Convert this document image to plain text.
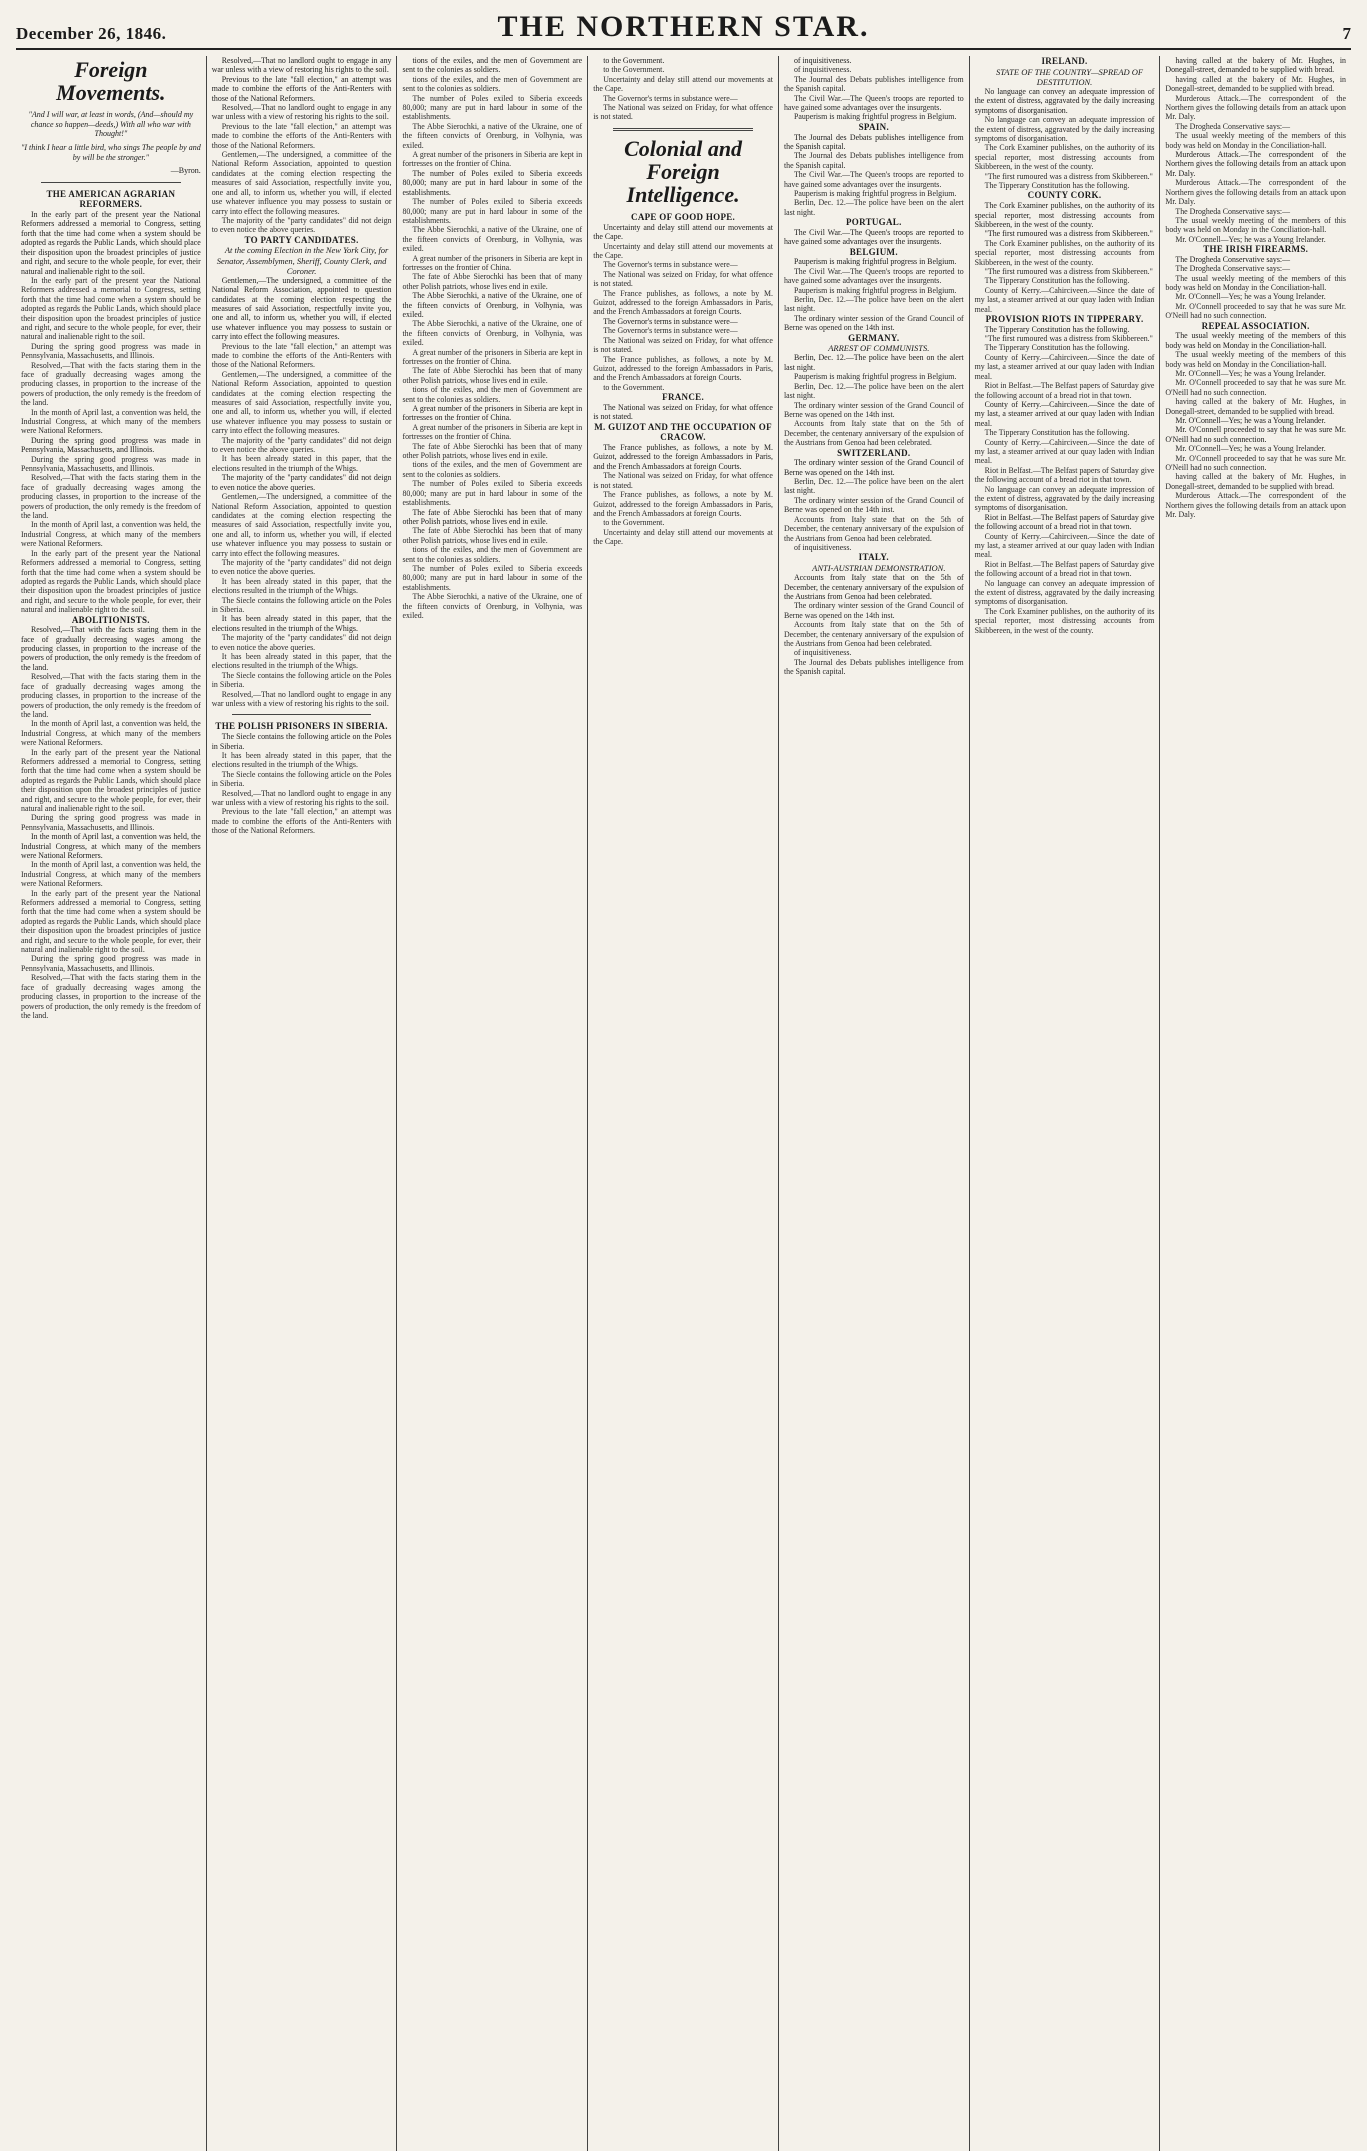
December 26, 1846.	THE NORTHERN STAR.	7
Foreign Movements.
"And I will war, at least in words, (And—should my chance so happen—deeds,) With all who war with Thought!"
"I think I hear a little bird, who sings The people by and by will be the stronger."
—Byron.

THE AMERICAN AGRARIAN REFORMERS.

In the early part of the present year the National Reformers addressed a memorial to Congress, setting forth that the time had come when a system should be adopted as regards the Public Lands, which should place their disposition upon the broadest principles of justice and right, and secure to the whole people, for ever, their natural and inalienable right to the soil.

In the early part of the present year the National Reformers addressed a memorial to Congress, setting forth that the time had come when a system should be adopted as regards the Public Lands, which should place their disposition upon the broadest principles of justice and right, and secure to the whole people, for ever, their natural and inalienable right to the soil.
During the spring good progress was made in Pennsylvania, Massachusetts, and Illinois.
Resolved,—That with the facts staring them in the face of gradually decreasing wages among the producing classes, in proportion to the increase of the powers of production, the only remedy is the freedom of the land.
In the month of April last, a convention was held, the Industrial Congress, at which many of the members were National Reformers.

During the spring good progress was made in Pennsylvania, Massachusetts, and Illinois.

During the spring good progress was made in Pennsylvania, Massachusetts, and Illinois.
Resolved,—That with the facts staring them in the face of gradually decreasing wages among the producing classes, in proportion to the increase of the powers of production, the only remedy is the freedom of the land.
In the month of April last, a convention was held, the Industrial Congress, at which many of the members were National Reformers.
In the early part of the present year the National Reformers addressed a memorial to Congress, setting forth that the time had come when a system should be adopted as regards the Public Lands, which should place their disposition upon the broadest principles of justice and right, and secure to the whole people, for ever, their natural and inalienable right to the soil.

ABOLITIONISTS.

Resolved,—That with the facts staring them in the face of gradually decreasing wages among the producing classes, in proportion to the increase of the powers of production, the only remedy is the freedom of the land.

Resolved,—That with the facts staring them in the face of gradually decreasing wages among the producing classes, in proportion to the increase of the powers of production, the only remedy is the freedom of the land.
In the month of April last, a convention was held, the Industrial Congress, at which many of the members were National Reformers.
In the early part of the present year the National Reformers addressed a memorial to Congress, setting forth that the time had come when a system should be adopted as regards the Public Lands, which should place their disposition upon the broadest principles of justice and right, and secure to the whole people, for ever, their natural and inalienable right to the soil.
During the spring good progress was made in Pennsylvania, Massachusetts, and Illinois.

In the month of April last, a convention was held, the Industrial Congress, at which many of the members were National Reformers.

In the month of April last, a convention was held, the Industrial Congress, at which many of the members were National Reformers.
In the early part of the present year the National Reformers addressed a memorial to Congress, setting forth that the time had come when a system should be adopted as regards the Public Lands, which should place their disposition upon the broadest principles of justice and right, and secure to the whole people, for ever, their natural and inalienable right to the soil.
During the spring good progress was made in Pennsylvania, Massachusetts, and Illinois.
Resolved,—That with the facts staring them in the face of gradually decreasing wages among the producing classes, in proportion to the increase of the powers of production, the only remedy is the freedom of the land.

Resolved,—That no landlord ought to engage in any war unless with a view of restoring his rights to the soil.

Previous to the late "fall election," an attempt was made to combine the efforts of the Anti-Renters with those of the National Reformers.

Resolved,—That no landlord ought to engage in any war unless with a view of restoring his rights to the soil.
Previous to the late "fall election," an attempt was made to combine the efforts of the Anti-Renters with those of the National Reformers.
Gentlemen,—The undersigned, a committee of the National Reform Association, appointed to question candidates at the coming election respecting the measures of said Association, respectfully invite you, one and all, to inform us, whether you will, if elected use whatever influence you may possess to sustain or carry into effect the following measures.
The majority of the "party candidates" did not deign to even notice the above queries.

TO PARTY CANDIDATES.

At the coming Election in the New York City, for Senator, Assemblymen, Sheriff, County Clerk, and Coroner.

Gentlemen,—The undersigned, a committee of the National Reform Association, appointed to question candidates at the coming election respecting the measures of said Association, respectfully invite you, one and all, to inform us, whether you will, if elected use whatever influence you may possess to sustain or carry into effect the following measures.

Previous to the late "fall election," an attempt was made to combine the efforts of the Anti-Renters with those of the National Reformers.
Gentlemen,—The undersigned, a committee of the National Reform Association, appointed to question candidates at the coming election respecting the measures of said Association, respectfully invite you, one and all, to inform us, whether you will, if elected use whatever influence you may possess to sustain or carry into effect the following measures.
The majority of the "party candidates" did not deign to even notice the above queries.
It has been already stated in this paper, that the elections resulted in the triumph of the Whigs.

The majority of the "party candidates" did not deign to even notice the above queries.

Gentlemen,—The undersigned, a committee of the National Reform Association, appointed to question candidates at the coming election respecting the measures of said Association, respectfully invite you, one and all, to inform us, whether you will, if elected use whatever influence you may possess to sustain or carry into effect the following measures.
The majority of the "party candidates" did not deign to even notice the above queries.
It has been already stated in this paper, that the elections resulted in the triumph of the Whigs.
The Siecle contains the following article on the Poles in Siberia.

It has been already stated in this paper, that the elections resulted in the triumph of the Whigs.

The majority of the "party candidates" did not deign to even notice the above queries.
It has been already stated in this paper, that the elections resulted in the triumph of the Whigs.
The Siecle contains the following article on the Poles in Siberia.
Resolved,—That no landlord ought to engage in any war unless with a view of restoring his rights to the soil.

THE POLISH PRISONERS IN SIBERIA.

The Siecle contains the following article on the Poles in Siberia.

It has been already stated in this paper, that the elections resulted in the triumph of the Whigs.
The Siecle contains the following article on the Poles in Siberia.
Resolved,—That no landlord ought to engage in any war unless with a view of restoring his rights to the soil.
Previous to the late "fall election," an attempt was made to combine the efforts of the Anti-Renters with those of the National Reformers.

tions of the exiles, and the men of Government are sent to the colonies as soldiers.

tions of the exiles, and the men of Government are sent to the colonies as soldiers.
The number of Poles exiled to Siberia exceeds 80,000; many are put in hard labour in some of the establishments.
The Abbe Sierochki, a native of the Ukraine, one of the fifteen convicts of Orenburg, in Volhynia, was exiled.
A great number of the prisoners in Siberia are kept in fortresses on the frontier of China.

The number of Poles exiled to Siberia exceeds 80,000; many are put in hard labour in some of the establishments.

The number of Poles exiled to Siberia exceeds 80,000; many are put in hard labour in some of the establishments.
The Abbe Sierochki, a native of the Ukraine, one of the fifteen convicts of Orenburg, in Volhynia, was exiled.
A great number of the prisoners in Siberia are kept in fortresses on the frontier of China.
The fate of Abbe Sierochki has been that of many other Polish patriots, whose lives end in exile.

The Abbe Sierochki, a native of the Ukraine, one of the fifteen convicts of Orenburg, in Volhynia, was exiled.

The Abbe Sierochki, a native of the Ukraine, one of the fifteen convicts of Orenburg, in Volhynia, was exiled.
A great number of the prisoners in Siberia are kept in fortresses on the frontier of China.
The fate of Abbe Sierochki has been that of many other Polish patriots, whose lives end in exile.
tions of the exiles, and the men of Government are sent to the colonies as soldiers.

A great number of the prisoners in Siberia are kept in fortresses on the frontier of China.

A great number of the prisoners in Siberia are kept in fortresses on the frontier of China.
The fate of Abbe Sierochki has been that of many other Polish patriots, whose lives end in exile.
tions of the exiles, and the men of Government are sent to the colonies as soldiers.
The number of Poles exiled to Siberia exceeds 80,000; many are put in hard labour in some of the establishments.

The fate of Abbe Sierochki has been that of many other Polish patriots, whose lives end in exile.

The fate of Abbe Sierochki has been that of many other Polish patriots, whose lives end in exile.
tions of the exiles, and the men of Government are sent to the colonies as soldiers.
The number of Poles exiled to Siberia exceeds 80,000; many are put in hard labour in some of the establishments.
The Abbe Sierochki, a native of the Ukraine, one of the fifteen convicts of Orenburg, in Volhynia, was exiled.

to the Government.

to the Government.
Uncertainty and delay still attend our movements at the Cape.
The Governor's terms in substance were—
The National was seized on Friday, for what offence is not stated.
Colonial and Foreign Intelligence.

CAPE OF GOOD HOPE.

Uncertainty and delay still attend our movements at the Cape.

Uncertainty and delay still attend our movements at the Cape.
The Governor's terms in substance were—
The National was seized on Friday, for what offence is not stated.
The France publishes, as follows, a note by M. Guizot, addressed to the foreign Ambassadors in Paris, and the French Ambassadors at foreign Courts.

The Governor's terms in substance were—

The Governor's terms in substance were—
The National was seized on Friday, for what offence is not stated.
The France publishes, as follows, a note by M. Guizot, addressed to the foreign Ambassadors in Paris, and the French Ambassadors at foreign Courts.
to the Government.

FRANCE.

The National was seized on Friday, for what offence is not stated.

M. GUIZOT AND THE OCCUPATION OF CRACOW.

The France publishes, as follows, a note by M. Guizot, addressed to the foreign Ambassadors in Paris, and the French Ambassadors at foreign Courts.

The National was seized on Friday, for what offence is not stated.
The France publishes, as follows, a note by M. Guizot, addressed to the foreign Ambassadors in Paris, and the French Ambassadors at foreign Courts.
to the Government.
Uncertainty and delay still attend our movements at the Cape.

of inquisitiveness.

of inquisitiveness.
The Journal des Debats publishes intelligence from the Spanish capital.
The Civil War.—The Queen's troops are reported to have gained some advantages over the insurgents.
Pauperism is making frightful progress in Belgium.

SPAIN.

The Journal des Debats publishes intelligence from the Spanish capital.

The Journal des Debats publishes intelligence from the Spanish capital.
The Civil War.—The Queen's troops are reported to have gained some advantages over the insurgents.
Pauperism is making frightful progress in Belgium.
Berlin, Dec. 12.—The police have been on the alert last night.

PORTUGAL.

The Civil War.—The Queen's troops are reported to have gained some advantages over the insurgents.

BELGIUM.

Pauperism is making frightful progress in Belgium.

The Civil War.—The Queen's troops are reported to have gained some advantages over the insurgents.
Pauperism is making frightful progress in Belgium.
Berlin, Dec. 12.—The police have been on the alert last night.
The ordinary winter session of the Grand Council of Berne was opened on the 14th inst.

GERMANY.

ARREST OF COMMUNISTS.

Berlin, Dec. 12.—The police have been on the alert last night.

Pauperism is making frightful progress in Belgium.
Berlin, Dec. 12.—The police have been on the alert last night.
The ordinary winter session of the Grand Council of Berne was opened on the 14th inst.
Accounts from Italy state that on the 5th of December, the centenary anniversary of the expulsion of the Austrians from Genoa had been celebrated.

SWITZERLAND.

The ordinary winter session of the Grand Council of Berne was opened on the 14th inst.

Berlin, Dec. 12.—The police have been on the alert last night.
The ordinary winter session of the Grand Council of Berne was opened on the 14th inst.
Accounts from Italy state that on the 5th of December, the centenary anniversary of the expulsion of the Austrians from Genoa had been celebrated.
of inquisitiveness.

ITALY.

ANTI-AUSTRIAN DEMONSTRATION.

Accounts from Italy state that on the 5th of December, the centenary anniversary of the expulsion of the Austrians from Genoa had been celebrated.

The ordinary winter session of the Grand Council of Berne was opened on the 14th inst.
Accounts from Italy state that on the 5th of December, the centenary anniversary of the expulsion of the Austrians from Genoa had been celebrated.
of inquisitiveness.
The Journal des Debats publishes intelligence from the Spanish capital.

IRELAND.

STATE OF THE COUNTRY—SPREAD OF DESTITUTION.

No language can convey an adequate impression of the extent of distress, aggravated by the daily increasing symptoms of disorganisation.

No language can convey an adequate impression of the extent of distress, aggravated by the daily increasing symptoms of disorganisation.
The Cork Examiner publishes, on the authority of its special reporter, most distressing accounts from Skibbereen, in the west of the county.
"The first rumoured was a distress from Skibbereen."
The Tipperary Constitution has the following.

COUNTY CORK.

The Cork Examiner publishes, on the authority of its special reporter, most distressing accounts from Skibbereen, in the west of the county.

"The first rumoured was a distress from Skibbereen."

The Cork Examiner publishes, on the authority of its special reporter, most distressing accounts from Skibbereen, in the west of the county.
"The first rumoured was a distress from Skibbereen."
The Tipperary Constitution has the following.
County of Kerry.—Cahirciveen.—Since the date of my last, a steamer arrived at our quay laden with Indian meal.

PROVISION RIOTS IN TIPPERARY.

The Tipperary Constitution has the following.

"The first rumoured was a distress from Skibbereen."
The Tipperary Constitution has the following.
County of Kerry.—Cahirciveen.—Since the date of my last, a steamer arrived at our quay laden with Indian meal.
Riot in Belfast.—The Belfast papers of Saturday give the following account of a bread riot in that town.

County of Kerry.—Cahirciveen.—Since the date of my last, a steamer arrived at our quay laden with Indian meal.

The Tipperary Constitution has the following.
County of Kerry.—Cahirciveen.—Since the date of my last, a steamer arrived at our quay laden with Indian meal.
Riot in Belfast.—The Belfast papers of Saturday give the following account of a bread riot in that town.
No language can convey an adequate impression of the extent of distress, aggravated by the daily increasing symptoms of disorganisation.

Riot in Belfast.—The Belfast papers of Saturday give the following account of a bread riot in that town.

County of Kerry.—Cahirciveen.—Since the date of my last, a steamer arrived at our quay laden with Indian meal.
Riot in Belfast.—The Belfast papers of Saturday give the following account of a bread riot in that town.
No language can convey an adequate impression of the extent of distress, aggravated by the daily increasing symptoms of disorganisation.
The Cork Examiner publishes, on the authority of its special reporter, most distressing accounts from Skibbereen, in the west of the county.

having called at the bakery of Mr. Hughes, in Donegall-street, demanded to be supplied with bread.

having called at the bakery of Mr. Hughes, in Donegall-street, demanded to be supplied with bread.
Murderous Attack.—The correspondent of the Northern gives the following details from an attack upon Mr. Daly.
The Drogheda Conservative says:—
The usual weekly meeting of the members of this body was held on Monday in the Conciliation-hall.

Murderous Attack.—The correspondent of the Northern gives the following details from an attack upon Mr. Daly.

Murderous Attack.—The correspondent of the Northern gives the following details from an attack upon Mr. Daly.
The Drogheda Conservative says:—
The usual weekly meeting of the members of this body was held on Monday in the Conciliation-hall.
Mr. O'Connell—Yes; he was a Young Irelander.

THE IRISH FIREARMS.

The Drogheda Conservative says:—

The Drogheda Conservative says:—
The usual weekly meeting of the members of this body was held on Monday in the Conciliation-hall.
Mr. O'Connell—Yes; he was a Young Irelander.
Mr. O'Connell proceeded to say that he was sure Mr. O'Neill had no such connection.

REPEAL ASSOCIATION.

The usual weekly meeting of the members of this body was held on Monday in the Conciliation-hall.

The usual weekly meeting of the members of this body was held on Monday in the Conciliation-hall.
Mr. O'Connell—Yes; he was a Young Irelander.
Mr. O'Connell proceeded to say that he was sure Mr. O'Neill had no such connection.
having called at the bakery of Mr. Hughes, in Donegall-street, demanded to be supplied with bread.

Mr. O'Connell—Yes; he was a Young Irelander.

Mr. O'Connell proceeded to say that he was sure Mr. O'Neill had no such connection.

Mr. O'Connell—Yes; he was a Young Irelander.
Mr. O'Connell proceeded to say that he was sure Mr. O'Neill had no such connection.
having called at the bakery of Mr. Hughes, in Donegall-street, demanded to be supplied with bread.
Murderous Attack.—The correspondent of the Northern gives the following details from an attack upon Mr. Daly.
